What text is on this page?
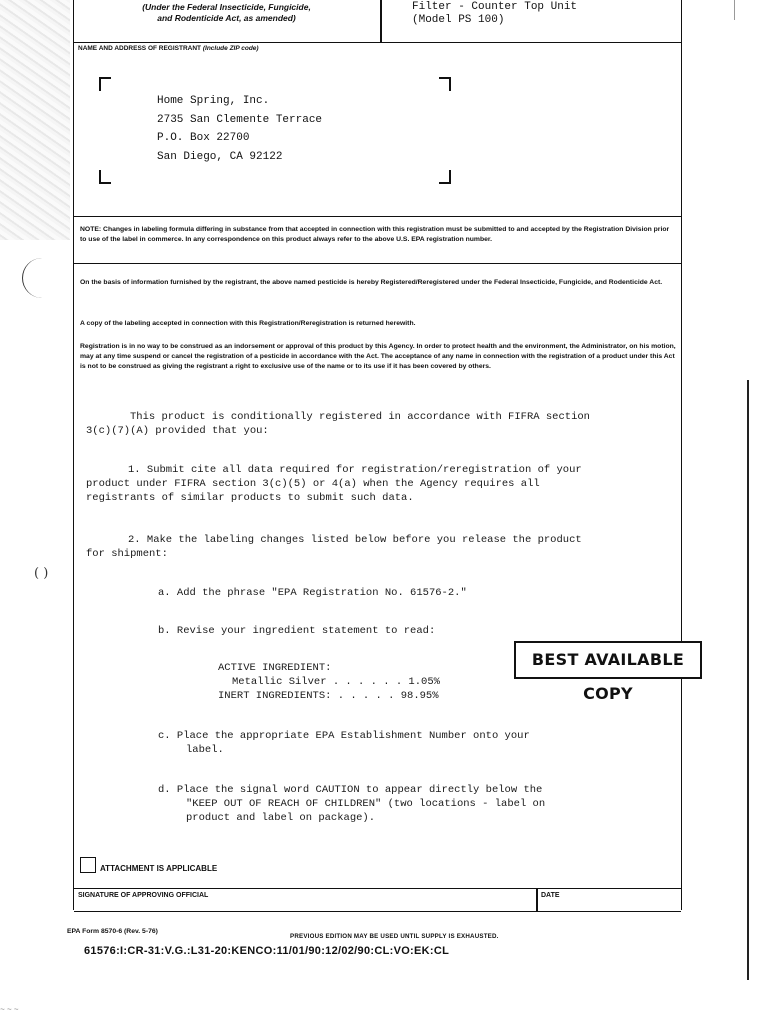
( )
(Under the Federal Insecticide, Fungicide,
and Rodenticide Act, as amended)
Filter - Counter Top Unit
(Model PS 100)
NAME AND ADDRESS OF REGISTRANT (Include ZIP code)
Home Spring, Inc.
2735 San Clemente Terrace
P.O. Box 22700
San Diego, CA 92122
NOTE: Changes in labeling formula differing in substance from that accepted in connection with this registration must be submitted to and accepted by the Registration Division prior to use of the label in commerce. In any correspondence on this product always refer to the above U.S. EPA registration number.
On the basis of information furnished by the registrant, the above named pesticide is hereby Registered/Reregistered under the Federal Insecticide, Fungicide, and Rodenticide Act.
A copy of the labeling accepted in connection with this Registration/Reregistration is returned herewith.
Registration is in no way to be construed as an indorsement or approval of this product by this Agency. In order to protect health and the environment, the Administrator, on his motion, may at any time suspend or cancel the registration of a pesticide in accordance with the Act. The acceptance of any name in connection with the registration of a product under this Act is not to be construed as giving the registrant a right to exclusive use of the name or to its use if it has been covered by others.
This product is conditionally registered in accordance with FIFRA section
3(c)(7)(A) provided that you:
1. Submit cite all data required for registration/reregistration of your
product under FIFRA section 3(c)(5) or 4(a) when the Agency requires all
registrants of similar products to submit such data.
2. Make the labeling changes listed below before you release the product
for shipment:
a. Add the phrase "EPA Registration No. 61576-2."
b. Revise your ingredient statement to read:
ACTIVE INGREDIENT:
Metallic Silver . . . . . . 1.05%
INERT INGREDIENTS: . . . . . 98.95%
c. Place the appropriate EPA Establishment Number onto your
label.
d. Place the signal word CAUTION to appear directly below the
"KEEP OUT OF REACH OF CHILDREN" (two locations - label on
product and label on package).
ATTACHMENT IS APPLICABLE
SIGNATURE OF APPROVING OFFICIAL	DATE
BEST AVAILABLE COPY
EPA Form 8570-6 (Rev. 5-76)
PREVIOUS EDITION MAY BE USED UNTIL SUPPLY IS EXHAUSTED.
61576:I:CR-31:V.G.:L31-20:KENCO:11/01/90:12/02/90:CL:VO:EK:CL
~ ~ ~
